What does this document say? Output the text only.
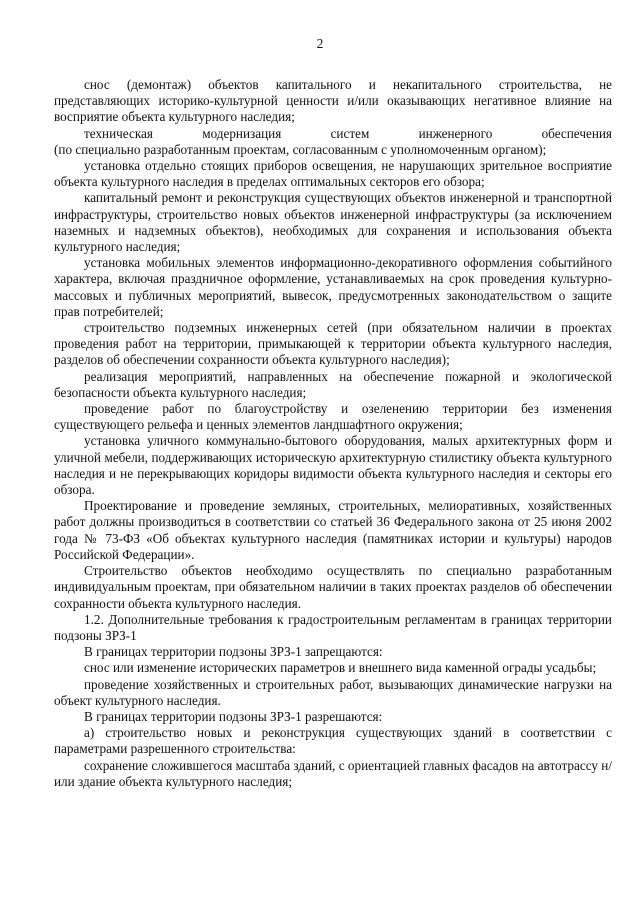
2

снос (демонтаж) объектов капитального и некапитального строительства, не представляющих историко-культурной ценности и/или оказывающих негативное влияние на восприятие объекта культурного наследия;

техническая модернизация систем инженерного обеспечения

(по специально разработанным проектам, согласованным с уполномоченным органом);

установка отдельно стоящих приборов освещения, не нарушающих зрительное восприятие объекта культурного наследия в пределах оптимальных секторов его обзора;

капитальный ремонт и реконструкция существующих объектов инженерной и транспортной инфраструктуры, строительство новых объектов инженерной инфраструктуры (за исключением наземных и надземных объектов), необходимых для сохранения и использования объекта культурного наследия;

установка мобильных элементов информационно-декоративного оформления событийного характера, включая праздничное оформление, устанавливаемых на срок проведения культурно-массовых и публичных мероприятий, вывесок, предусмотренных законодательством о защите прав потребителей;

строительство подземных инженерных сетей (при обязательном наличии в проектах проведения работ на территории, примыкающей к территории объекта культурного наследия, разделов об обеспечении сохранности объекта культурного наследия);

реализация мероприятий, направленных на обеспечение пожарной и экологической безопасности объекта культурного наследия;

проведение работ по благоустройству и озеленению территории без изменения существующего рельефа и ценных элементов ландшафтного окружения;

установка уличного коммунально-бытового оборудования, малых архитектурных форм и уличной мебели, поддерживающих историческую архитектурную стилистику объекта культурного наследия и не перекрывающих коридоры видимости объекта культурного наследия и секторы его обзора.

Проектирование и проведение земляных, строительных, мелиоративных, хозяйственных работ должны производиться в соответствии со статьей 36 Федерального закона от 25 июня 2002 года № 73-ФЗ «Об объектах культурного наследия (памятниках истории и культуры) народов Российской Федерации».

Строительство объектов необходимо осуществлять по специально разработанным индивидуальным проектам, при обязательном наличии в таких проектах разделов об обеспечении сохранности объекта культурного наследия.

1.2. Дополнительные требования к градостроительным регламентам в границах территории подзоны ЗРЗ-1

В границах территории подзоны ЗРЗ-1 запрещаются:

снос или изменение исторических параметров и внешнего вида каменной ограды усадьбы;

проведение хозяйственных и строительных работ, вызывающих динамические нагрузки на объект культурного наследия.

В границах территории подзоны ЗРЗ-1 разрешаются:

а) строительство новых и реконструкция существующих зданий в соответствии с параметрами разрешенного строительства:

сохранение сложившегося масштаба зданий, с ориентацией главных фасадов на автотрассу н/или здание объекта культурного наследия;
